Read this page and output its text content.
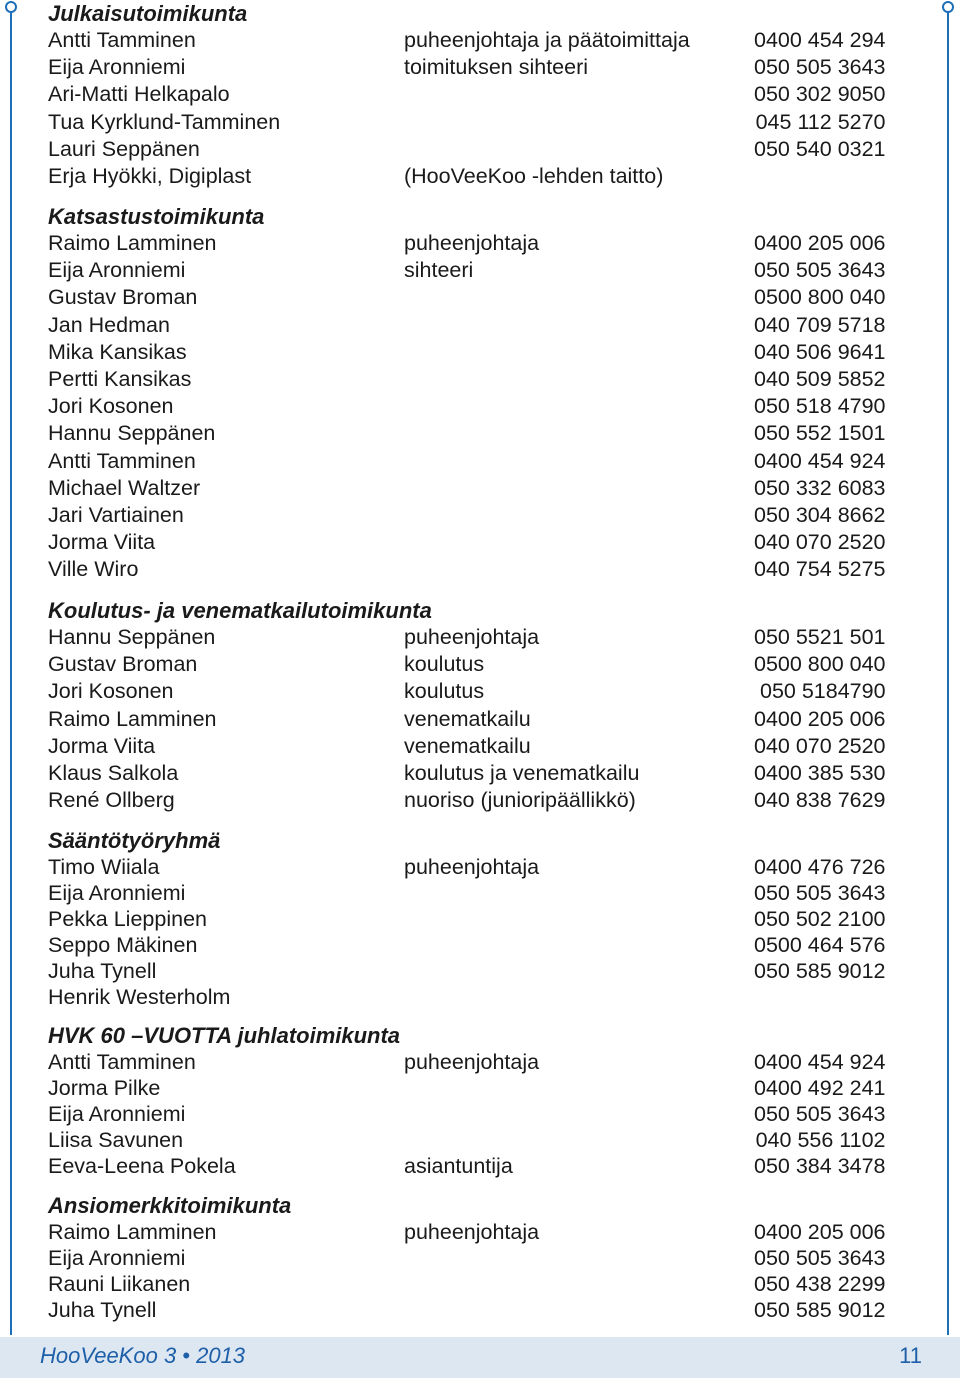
Julkaisutoimikunta
Antti Tamminen	puheenjohtaja ja päätoimittaja	0400 454 294
Eija Aronniemi	toimituksen sihteeri	050 505 3643
Ari-Matti Helkapalo	050 302 9050
Tua Kyrklund-Tamminen	045 112 5270
Lauri Seppänen	050 540 0321
Erja Hyökki, Digiplast	(HooVeeKoo -lehden taitto)
Katsastustoimikunta
Raimo Lamminen	puheenjohtaja	0400 205 006
Eija Aronniemi	sihteeri	050 505 3643
Gustav Broman	0500 800 040
Jan Hedman	040 709 5718
Mika Kansikas	040 506 9641
Pertti Kansikas	040 509 5852
Jori Kosonen	050 518 4790
Hannu Seppänen	050 552 1501
Antti Tamminen	0400 454 924
Michael Waltzer	050 332 6083
Jari Vartiainen	050 304 8662
Jorma Viita	040 070 2520
Ville Wiro	040 754 5275
Koulutus- ja venematkailutoimikunta
Hannu Seppänen	puheenjohtaja	050 5521 501
Gustav Broman	koulutus	0500 800 040
Jori Kosonen	koulutus	050 5184790
Raimo Lamminen	venematkailu	0400 205 006
Jorma Viita	venematkailu	040 070 2520
Klaus Salkola	koulutus ja venematkailu	0400 385 530
René Ollberg	nuoriso (junioripäällikkö)	040 838 7629
Sääntötyöryhmä
Timo Wiiala	puheenjohtaja	0400 476 726
Eija Aronniemi	050 505 3643
Pekka Lieppinen	050 502 2100
Seppo Mäkinen	0500 464 576
Juha Tynell	050 585 9012
Henrik Westerholm
HVK 60 –VUOTTA juhlatoimikunta
Antti Tamminen	puheenjohtaja	0400 454 924
Jorma Pilke	0400 492 241
Eija Aronniemi	050 505 3643
Liisa Savunen	040 556 1102
Eeva-Leena Pokela	asiantuntija	050 384 3478
Ansiomerkkitoimikunta
Raimo Lamminen	puheenjohtaja	0400 205 006
Eija Aronniemi	050 505 3643
Rauni Liikanen	050 438 2299
Juha Tynell	050 585 9012
HooVeeKoo 3 • 2013	11
